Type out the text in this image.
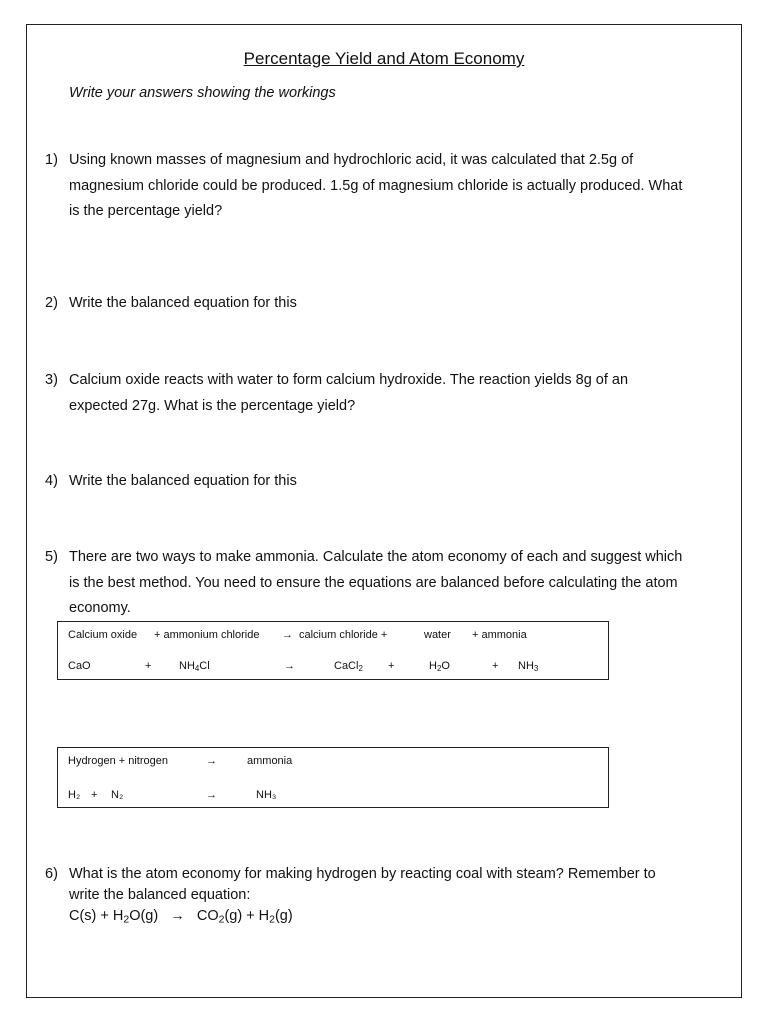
Percentage Yield and Atom Economy
Write your answers showing the workings
1) Using known masses of magnesium and hydrochloric acid, it was calculated that 2.5g of magnesium chloride could be produced. 1.5g of magnesium chloride is actually produced. What is the percentage yield?
2) Write the balanced equation for this
3) Calcium oxide reacts with water to form calcium hydroxide. The reaction yields 8g of an expected 27g. What is the percentage yield?
4) Write the balanced equation for this
5) There are two ways to make ammonia. Calculate the atom economy of each and suggest which is the best method. You need to ensure the equations are balanced before calculating the atom economy.
Calcium oxide + ammonium chloride → calcium chloride +	water + ammonia
CaO	+	$NH_4Cl$	→	CaCl$_2$ +	$H_2O$	+ $NH_3$
Hydrogen + nitrogen	→	ammonia
H₂ + N₂	→	NH₃
6) What is the atom economy for making hydrogen by reacting coal with steam? Remember to write the balanced equation:
$C(s) + H_2O(g) \to CO_2(g) + H_2(g)$
